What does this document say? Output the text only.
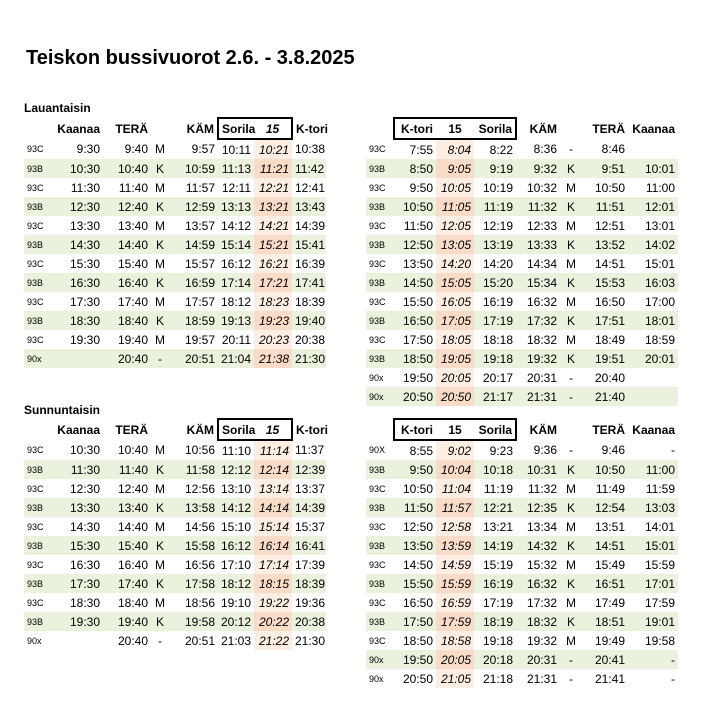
Teiskon bussivuorot 2.6. - 3.8.2025
Lauantaisin
	Kaanaa	TERÄ		KÄM	Sorila	15	K-tori
93C	9:30	9:40	M	9:57	10:11	10:21	10:38
93B	10:30	10:40	K	10:59	11:13	11:21	11:42
93C	11:30	11:40	M	11:57	12:11	12:21	12:41
93B	12:30	12:40	K	12:59	13:13	13:21	13:43
93C	13:30	13:40	M	13:57	14:12	14:21	14:39
93B	14:30	14:40	K	14:59	15:14	15:21	15:41
93C	15:30	15:40	M	15:57	16:12	16:21	16:39
93B	16:30	16:40	K	16:59	17:14	17:21	17:41
93C	17:30	17:40	M	17:57	18:12	18:23	18:39
93B	18:30	18:40	K	18:59	19:13	19:23	19:40
93C	19:30	19:40	M	19:57	20:11	20:23	20:38
90x		20:40	-	20:51	21:04	21:38	21:30
	K-tori	15	Sorila	KÄM		TERÄ	Kaanaa
93C	7:55	8:04	8:22	8:36	-	8:46	
93B	8:50	9:05	9:19	9:32	K	9:51	10:01
93C	9:50	10:05	10:19	10:32	M	10:50	11:00
93B	10:50	11:05	11:19	11:32	K	11:51	12:01
93C	11:50	12:05	12:19	12:33	M	12:51	13:01
93B	12:50	13:05	13:19	13:33	K	13:52	14:02
93C	13:50	14:20	14:20	14:34	M	14:51	15:01
93B	14:50	15:05	15:20	15:34	K	15:53	16:03
93C	15:50	16:05	16:19	16:32	M	16:50	17:00
93B	16:50	17:05	17:19	17:32	K	17:51	18:01
93C	17:50	18:05	18:18	18:32	M	18:49	18:59
93B	18:50	19:05	19:18	19:32	K	19:51	20:01
90x	19:50	20:05	20:17	20:31	-	20:40	
90x	20:50	20:50	21:17	21:31	-	21:40	
Sunnuntaisin
	Kaanaa	TERÄ		KÄM	Sorila	15	K-tori
93C	10:30	10:40	M	10:56	11:10	11:14	11:37
93B	11:30	11:40	K	11:58	12:12	12:14	12:39
93C	12:30	12:40	M	12:56	13:10	13:14	13:37
93B	13:30	13:40	K	13:58	14:12	14:14	14:39
93C	14:30	14:40	M	14:56	15:10	15:14	15:37
93B	15:30	15:40	K	15:58	16:12	16:14	16:41
93C	16:30	16:40	M	16:56	17:10	17:14	17:39
93B	17:30	17:40	K	17:58	18:12	18:15	18:39
93C	18:30	18:40	M	18:56	19:10	19:22	19:36
93B	19:30	19:40	K	19:58	20:12	20:22	20:38
90x		20:40	-	20:51	21:03	21:22	21:30
	K-tori	15	Sorila	KÄM		TERÄ	Kaanaa
90X	8:55	9:02	9:23	9:36	-	9:46	-
93B	9:50	10:04	10:18	10:31	K	10:50	11:00
93C	10:50	11:04	11:19	11:32	M	11:49	11:59
93B	11:50	11:57	12:21	12:35	K	12:54	13:03
93C	12:50	12:58	13:21	13:34	M	13:51	14:01
93B	13:50	13:59	14:19	14:32	K	14:51	15:01
93C	14:50	14:59	15:19	15:32	M	15:49	15:59
93B	15:50	15:59	16:19	16:32	K	16:51	17:01
93C	16:50	16:59	17:19	17:32	M	17:49	17:59
93B	17:50	17:59	18:19	18:32	K	18:51	19:01
93C	18:50	18:58	19:18	19:32	M	19:49	19:58
90x	19:50	20:05	20:18	20:31	-	20:41	-
90x	20:50	21:05	21:18	21:31	-	21:41	-
